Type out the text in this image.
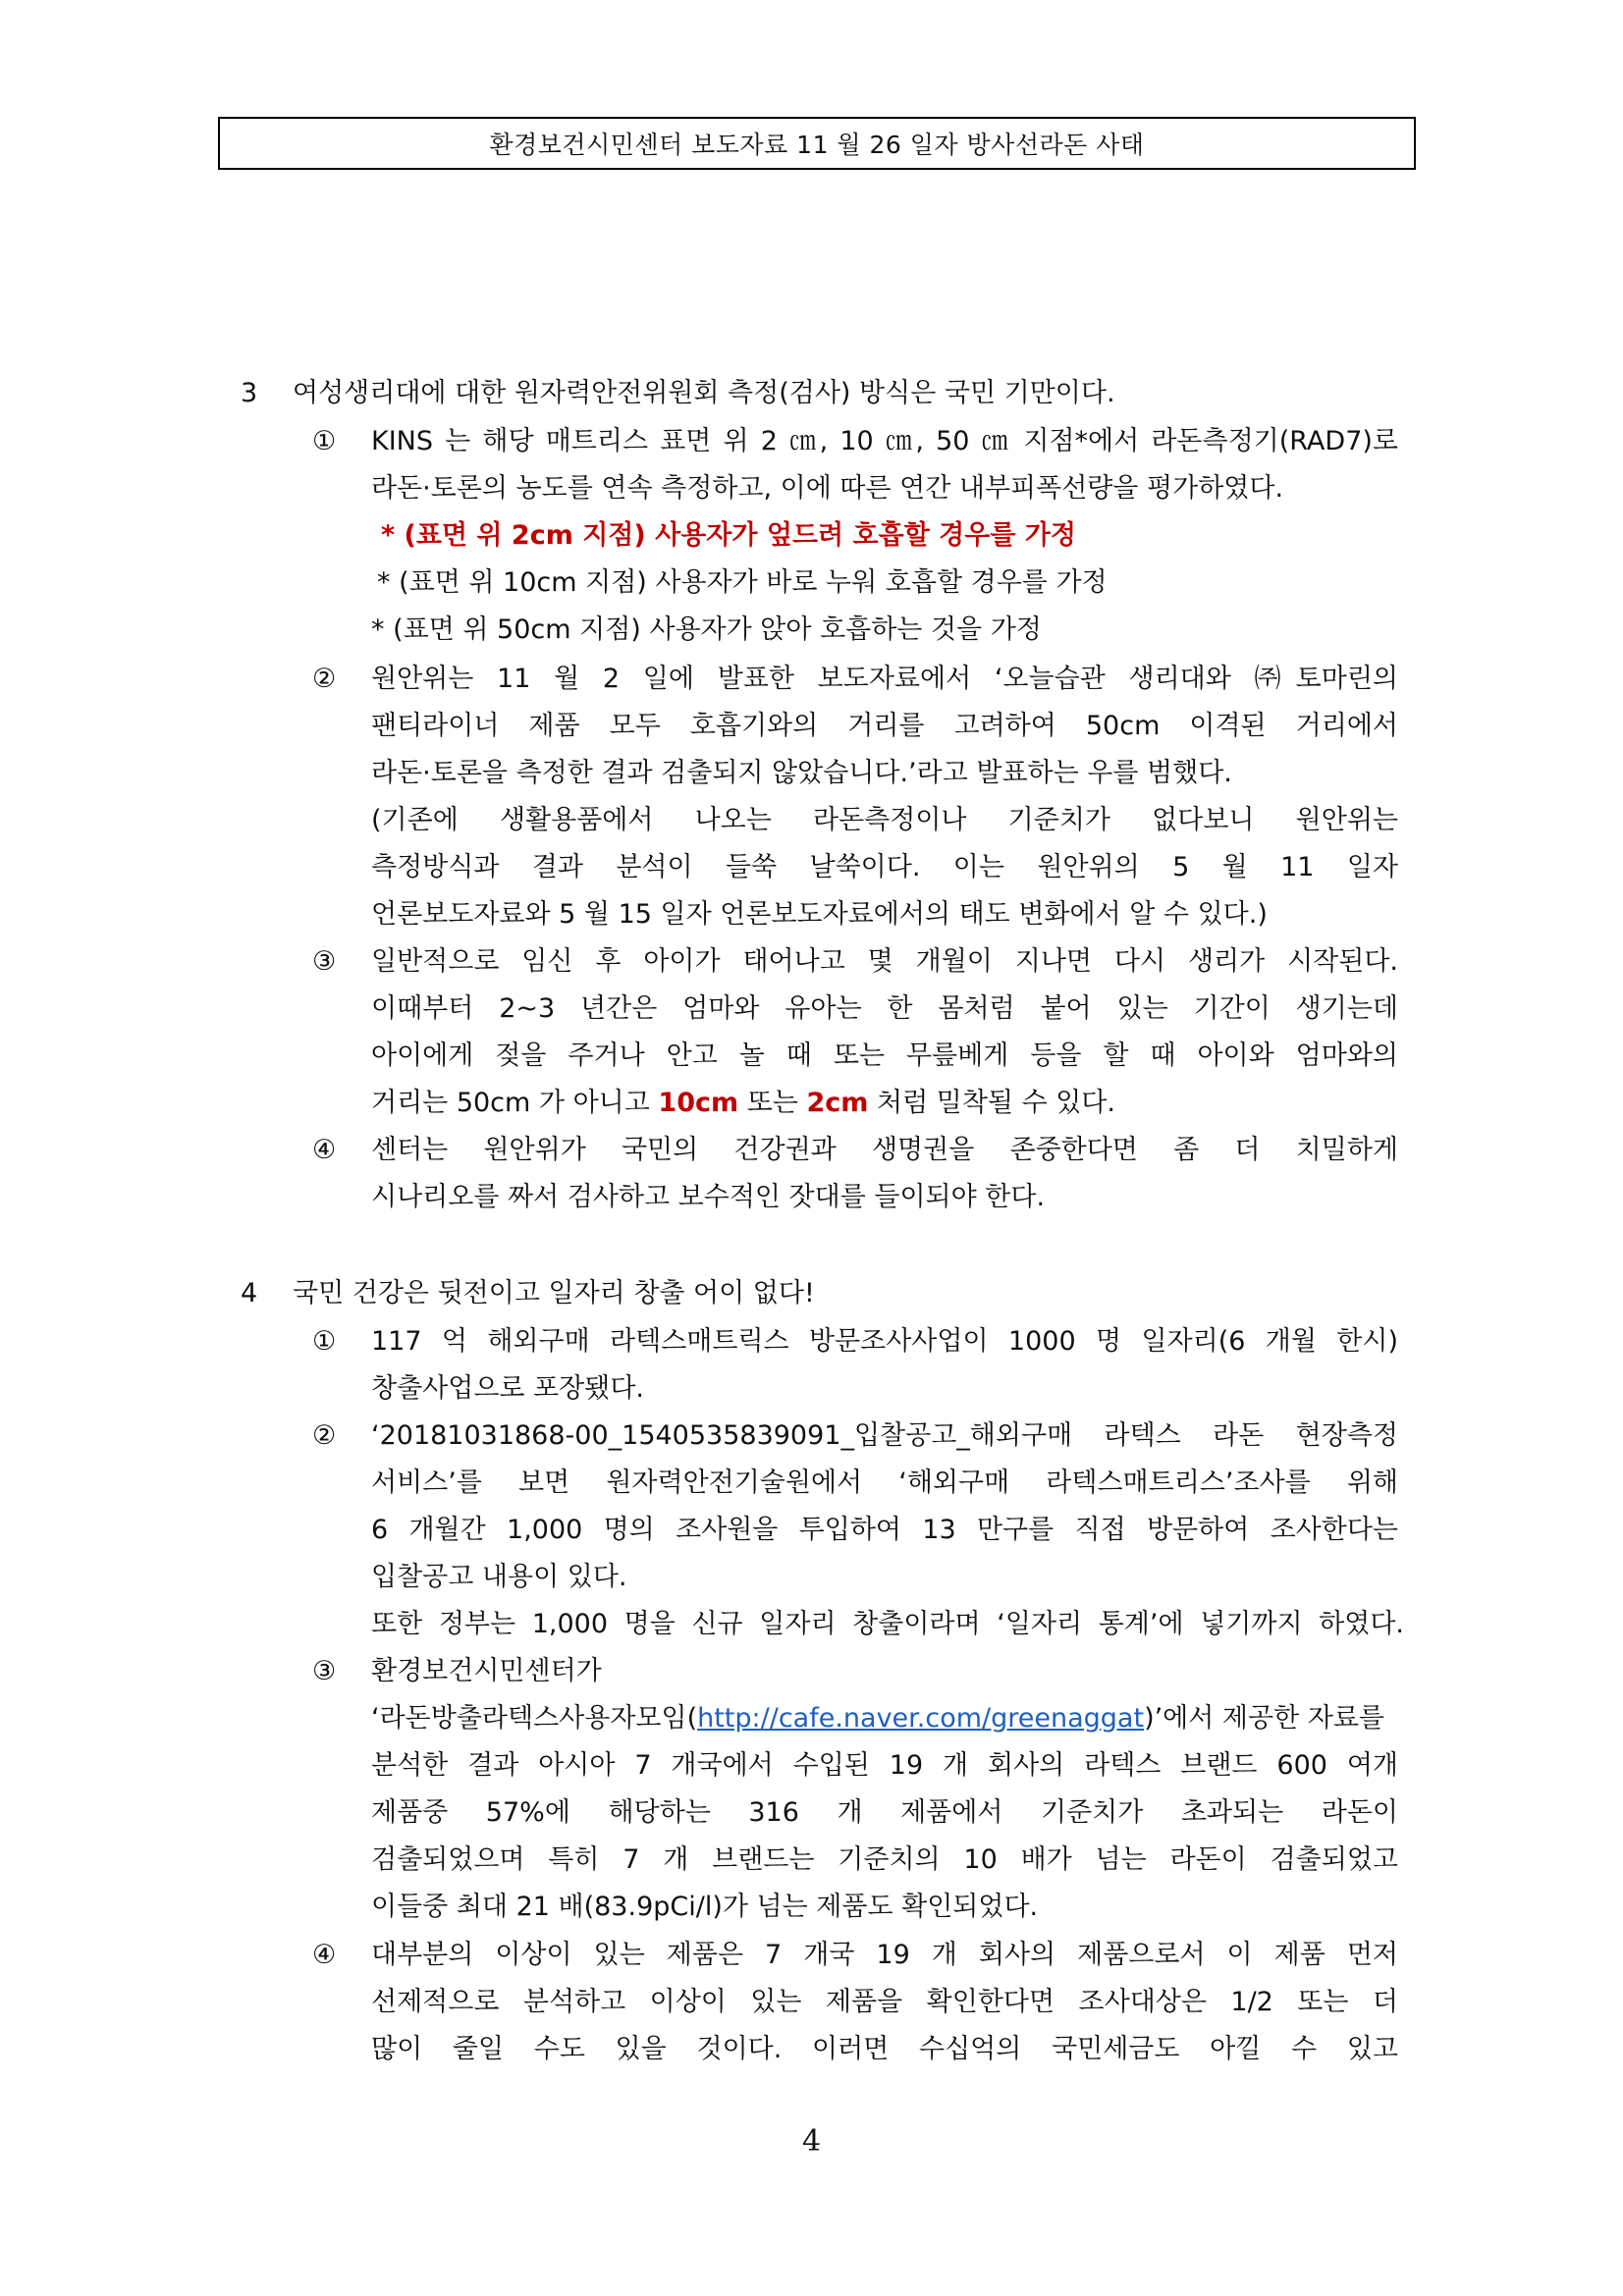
환경보건시민센터 보도자료 11 월 26 일자 방사선라돈 사태
3 여성생리대에 대한 원자력안전위원회 측정(검사) 방식은 국민 기만이다.
① KINS 는 해당 매트리스 표면 위 2 ㎝, 10 ㎝, 50 ㎝ 지점*에서 라돈측정기(RAD7)로
라돈·토론의 농도를 연속 측정하고, 이에 따른 연간 내부피폭선량을 평가하였다.
* (표면 위 2cm 지점) 사용자가 엎드려 호흡할 경우를 가정
* (표면 위 10cm 지점) 사용자가 바로 누워 호흡할 경우를 가정
* (표면 위 50cm 지점) 사용자가 앉아 호흡하는 것을 가정
② 원안위는 11 월 2 일에 발표한 보도자료에서 ‘오늘습관 생리대와 ㈜토마린의
팬티라이너 제품 모두 호흡기와의 거리를 고려하여 50cm 이격된 거리에서
라돈·토론을 측정한 결과 검출되지 않았습니다.’라고 발표하는 우를 범했다.
(기존에 생활용품에서 나오는 라돈측정이나 기준치가 없다보니 원안위는
측정방식과 결과 분석이 들쑥 날쑥이다. 이는 원안위의 5 월 11 일자
언론보도자료와 5 월 15 일자 언론보도자료에서의 태도 변화에서 알 수 있다.)
③ 일반적으로 임신 후 아이가 태어나고 몇 개월이 지나면 다시 생리가 시작된다.
이때부터 2~3 년간은 엄마와 유아는 한 몸처럼 붙어 있는 기간이 생기는데
아이에게 젖을 주거나 안고 놀 때 또는 무릎베게 등을 할 때 아이와 엄마와의
거리는 50cm 가 아니고 10cm 또는 2cm 처럼 밀착될 수 있다.
④ 센터는 원안위가 국민의 건강권과 생명권을 존중한다면 좀 더 치밀하게
시나리오를 짜서 검사하고 보수적인 잣대를 들이되야 한다.
4 국민 건강은 뒷전이고 일자리 창출 어이 없다!
① 117 억 해외구매 라텍스매트릭스 방문조사사업이 1000 명 일자리(6 개월 한시)
창출사업으로 포장됐다.
② ‘20181031868-00_1540535839091_입찰공고_해외구매 라텍스 라돈 현장측정
서비스’를 보면 원자력안전기술원에서 ‘해외구매 라텍스매트리스’조사를 위해
6 개월간 1,000 명의 조사원을 투입하여 13 만구를 직접 방문하여 조사한다는
입찰공고 내용이 있다.
또한 정부는 1,000 명을 신규 일자리 창출이라며 ‘일자리 통계’에 넣기까지 하였다.
③ 환경보건시민센터가
‘라돈방출라텍스사용자모임(http://cafe.naver.com/greenaggat)’에서 제공한 자료를
분석한 결과 아시아 7 개국에서 수입된 19 개 회사의 라텍스 브랜드 600 여개
제품중 57%에 해당하는 316 개 제품에서 기준치가 초과되는 라돈이
검출되었으며 특히 7 개 브랜드는 기준치의 10 배가 넘는 라돈이 검출되었고
이들중 최대 21 배(83.9pCi/l)가 넘는 제품도 확인되었다.
④ 대부분의 이상이 있는 제품은 7 개국 19 개 회사의 제품으로서 이 제품 먼저
선제적으로 분석하고 이상이 있는 제품을 확인한다면 조사대상은 1/2 또는 더
많이 줄일 수도 있을 것이다. 이러면 수십억의 국민세금도 아낄 수 있고
4
